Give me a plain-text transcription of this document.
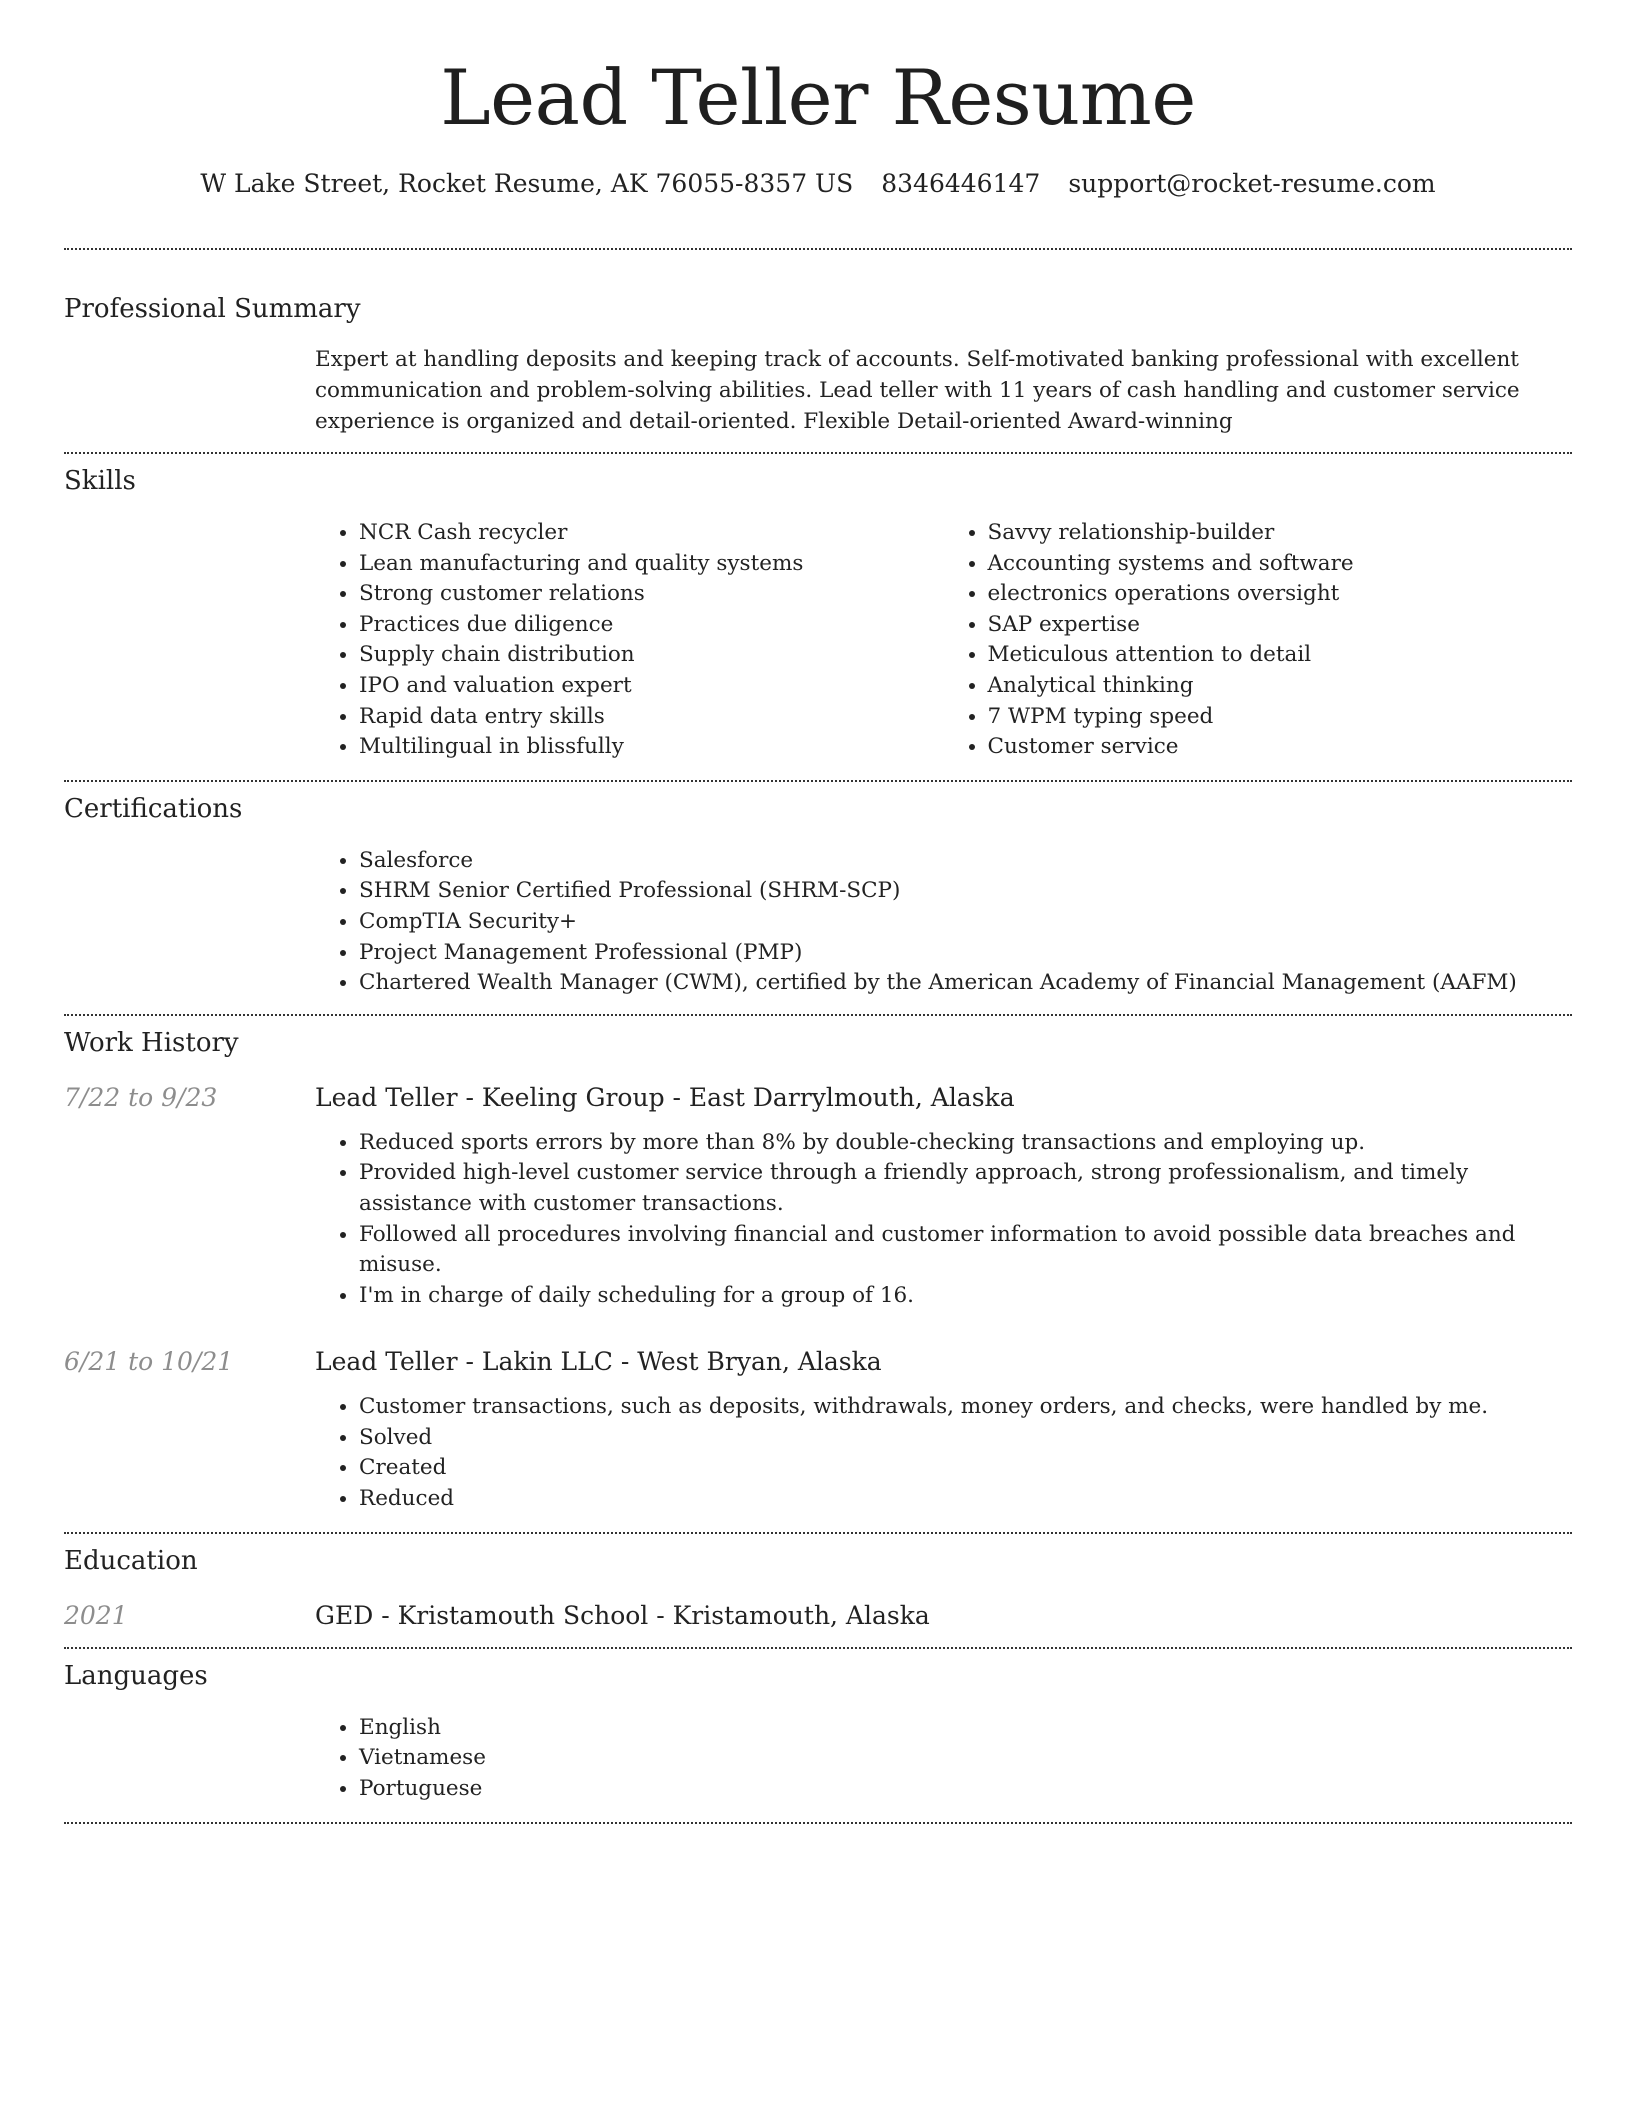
Lead Teller Resume
W Lake Street, Rocket Resume, AK 76055-8357 US 8346446147 support@rocket-resume.com
Professional Summary

Expert at handling deposits and keeping track of accounts. Self-motivated banking professional with excellent communication and problem-solving abilities. Lead teller with 11 years of cash handling and customer service experience is organized and detail-oriented. Flexible Detail-oriented Award-winning

Skills
• NCR Cash recycler
• Lean manufacturing and quality systems
• Strong customer relations
• Practices due diligence
• Supply chain distribution
• IPO and valuation expert
• Rapid data entry skills
• Multilingual in blissfully
• Savvy relationship-builder
• Accounting systems and software
• electronics operations oversight
• SAP expertise
• Meticulous attention to detail
• Analytical thinking
• 7 WPM typing speed
• Customer service
Certifications
• Salesforce
• SHRM Senior Certified Professional (SHRM-SCP)
• CompTIA Security+
• Project Management Professional (PMP)
• Chartered Wealth Manager (CWM), certified by the American Academy of Financial Management (AAFM)
Work History
7/22 to 9/23	Lead Teller - Keeling Group - East Darrylmouth, Alaska
• Reduced sports errors by more than 8% by double-checking transactions and employing up.
• Provided high-level customer service through a friendly approach, strong professionalism, and timely assistance with customer transactions.
• Followed all procedures involving financial and customer information to avoid possible data breaches and misuse.
• I'm in charge of daily scheduling for a group of 16.
6/21 to 10/21	Lead Teller - Lakin LLC - West Bryan, Alaska
• Customer transactions, such as deposits, withdrawals, money orders, and checks, were handled by me.
• Solved
• Created
• Reduced
Education
2021	GED - Kristamouth School - Kristamouth, Alaska
Languages
• English
• Vietnamese
• Portuguese
